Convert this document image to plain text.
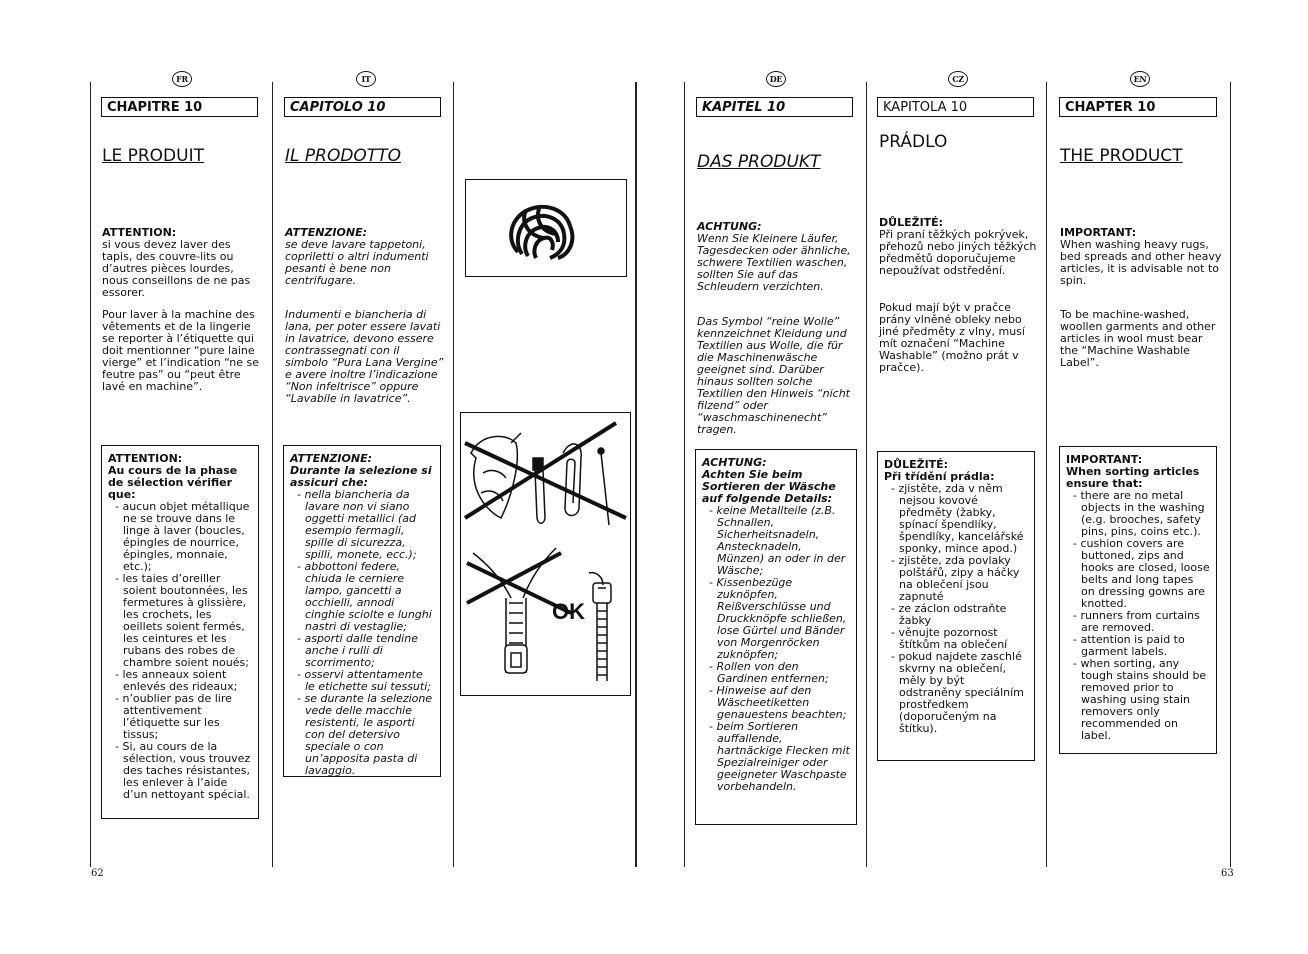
FR
CHAPITRE 10
LE PRODUIT
ATTENTION:
si vous devez laver des tapis, des couvre-lits ou d’autres pièces lourdes, nous conseillons de ne pas essorer.
Pour laver à la machine des vêtements et de la lingerie se reporter à l’étiquette qui doit mentionner “pure laine vierge” et l’indication “ne se feutre pas” ou “peut être lavé en machine”.
ATTENTION:
Au cours de la phase de sélection vérifier que:
- aucun objet métallique ne se trouve dans le linge à laver (boucles, épingles de nourrice, épingles, monnaie, etc.);
- les taies d’oreiller soient boutonnées, les fermetures à glissière, les crochets, les oeillets soient fermés, les ceintures et les rubans des robes de chambre soient noués;
- les anneaux soient enlevés des rideaux;
- n’oublier pas de lire attentivement l’étiquette sur les tissus;
- Si, au cours de la sélection, vous trouvez des taches résistantes, les enlever à l’aide d’un nettoyant spécial.
IT
CAPITOLO 10
IL PRODOTTO
ATTENZIONE:
se deve lavare tappetoni, copriletti o altri indumenti pesanti è bene non centrifugare.
Indumenti e biancheria di lana, per poter essere lavati in lavatrice, devono essere contrassegnati con il simbolo “Pura Lana Vergine” e avere inoltre l’indicazione “Non infeltrisce” oppure “Lavabile in lavatrice”.
ATTENZIONE:
Durante la selezione si assicuri che:
- nella biancheria da lavare non vi siano oggetti metallici (ad esempio fermagli, spille di sicurezza, spilli, monete, ecc.);
- abbottoni federe, chiuda le cerniere lampo, gancetti a occhielli, annodi cinghie sciolte e lunghi nastri di vestaglie;
- asporti dalle tendine anche i rulli di scorrimento;
- osservi attentamente le etichette sui tessuti;
- se durante la selezione vede delle macchie resistenti, le asporti con del detersivo speciale o con un’apposita pasta di lavaggio.
OK
DE
KAPITEL 10
DAS PRODUKT
ACHTUNG:
Wenn Sie Kleinere Läufer, Tagesdecken oder ähnliche, schwere Textilien waschen, sollten Sie auf das Schleudern verzichten.
Das Symbol “reine Wolle” kennzeichnet Kleidung und Textilien aus Wolle, die für die Maschinenwäsche geeignet sind. Darüber hinaus sollten solche Textilien den Hinweis “nicht filzend” oder “waschmaschinenecht” tragen.
ACHTUNG:
Achten Sie beim Sortieren der Wäsche auf folgende Details:
- keine Metallteile (z.B. Schnallen, Sicherheitsnadeln, Anstecknadeln, Münzen) an oder in der Wäsche;
- Kissenbezüge zuknöpfen, Reißverschlüsse und Druckknöpfe schließen, lose Gürtel und Bänder von Morgenröcken zuknöpfen;
- Rollen von den Gardinen entfernen;
- Hinweise auf den Wäscheetiketten genauestens beachten;
- beim Sortieren auffallende, hartnäckige Flecken mit Spezialreiniger oder geeigneter Waschpaste vorbehandeln.
CZ
KAPITOLA 10
PRÁDLO
DŮLEŽITÉ:
Při praní těžkých pokrývek, přehozů nebo jiných těžkých předmětů doporučujeme nepoužívat odstředění.
Pokud mají být v pračce prány vlněné obleky nebo jiné předměty z vlny, musí mít označení “Machine Washable” (možno prát v pračce).
DŮLEŽITÉ:
Při třídění prádla:
- zjistěte, zda v něm nejsou kovové předměty (žabky, spínací špendlíky, špendlíky, kancelářské sponky, mince apod.)
- zjistěte, zda povlaky polštářů, zipy a háčky na oblečení jsou zapnuté
- ze záclon odstraňte žabky
- věnujte pozornost štítkům na oblečení
- pokud najdete zaschlé skvrny na oblečení, měly by být odstraněny speciálním prostředkem (doporučeným na štítku).
EN
CHAPTER 10
THE PRODUCT
IMPORTANT:
When washing heavy rugs, bed spreads and other heavy articles, it is advisable not to spin.
To be machine-washed, woollen garments and other articles in wool must bear the “Machine Washable Label”.
IMPORTANT:
When sorting articles ensure that:
- there are no metal objects in the washing (e.g. brooches, safety pins, pins, coins etc.).
- cushion covers are buttoned, zips and hooks are closed, loose belts and long tapes on dressing gowns are knotted.
- runners from curtains are removed.
- attention is paid to garment labels.
- when sorting, any tough stains should be removed prior to washing using stain removers only recommended on label.
62	63
